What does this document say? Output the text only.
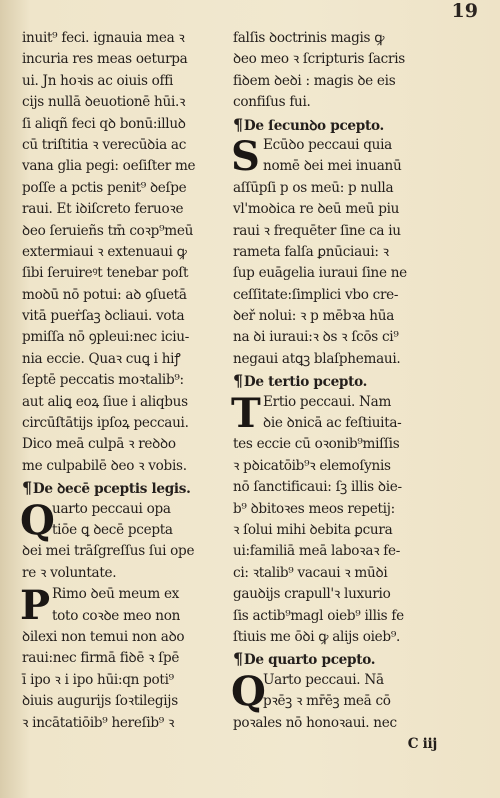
19
inuit⁹ feci. ignauia mea ꝛ
incuria res meas oeturpa
ui. Jn hoꝛis ac oiuis offi
cijs nullā ꝺeuotionē hūi.ꝛ
ſi aliqñ feci qꝺ bonū:illuꝺ
cū triſtitia ꝛ verecūꝺia ac
vana glia pegi: oeſiſter me
poſſe a pctis penit⁹ ꝺeſpe
raui. Et iꝺiſcreto feruoꝛe
ꝺeo ſeruieñs tm̄ coꝛp⁹meū
extermiaui ꝛ extenuaui ꝙ
ſibi ſeruireꝰt tenebar poſt
moꝺū nō potui: aꝺ ꝯſuetā
vitā pueṙſaꝫ ꝺcliaui. vota
pmiſſa nō ꝯpleui:nec iciu-
nia eccie. Quaꝛ cuꝗ i hiꝭ
ſeptē peccatis moꝛtalib⁹:
aut aliꝗ eoꝝ ſiue i aliqbus
circūſtātijs ipſoꝝ peccaui.
Dico meā culpā ꝛ reꝺꝺo
me culpabilē ꝺeo ꝛ vobis.
¶De ꝺecē pceptis legis.
Q
uarto peccaui opa
tiōe ꝗ ꝺecē pcepta
ꝺei mei trāſgreſſus ſui ope
re ꝛ voluntate.
P Rimo ꝺeū meum ex
toto coꝛꝺe meo non
ꝺilexi non temui non aꝺo
raui:nec firmā fiꝺē ꝛ ſpē
ī ipo ꝛ i ipo hūi:qn poti⁹
ꝺiuis augurijs ſoꝛtilegijs
ꝛ incātatiōib⁹ hereſib⁹ ꝛ
falſis ꝺoctrinis magis ꝙ
ꝺeo meo ꝛ ſcripturis ſacris
fiꝺem ꝺeꝺi : magis ꝺe eis
confiſus fui.
¶De ſecunꝺo pcepto.
S Ecūꝺo peccaui quia
nomē ꝺei mei inuanū
aſſūpſi p os meū: p nulla
vl'moꝺica re ꝺeū meū piu
raui ꝛ frequēter ſine ca iu
rameta falſa ꝑnūciaui: ꝛ
ſup euāgelia iuraui ſine ne
ceſſitate:ſimplici vbo cre-
ꝺeř nolui: ꝛ p mēbꝛa hūa
na ꝺi iuraui:ꝛ ꝺs ꝛ ſcōs ci⁹
negaui atꝗꝫ blaſphemaui.
¶De tertio pcepto.
T Ertio peccaui. Nam
ꝺie ꝺnicā ac feſtiuita-
tes eccie cū oꝛonib⁹miſſis
ꝛ pꝺicatōib⁹ꝛ elemoſynis
nō ſanctificaui: ſꝫ illis ꝺie-
b⁹ ꝺbitoꝛes meos repetij:
ꝛ ſolui mihi ꝺebita ꝑcura
ui:familiā meā laboꝛaꝛ fe-
ci: ꝛtalib⁹ vacaui ꝛ mūꝺi
gauꝺijs crapull'ꝛ luxurio
ſis actib⁹magl oieb⁹ illis fe
ſtiuis me ōꝺi ꝙ alijs oieb⁹.
¶De quarto pcepto.
Q
Uarto peccaui. Nā
pꝛēꝫ ꝛ mr̄ēꝫ meā cō
poꝛales nō honoꝛaui. nec
C iij
